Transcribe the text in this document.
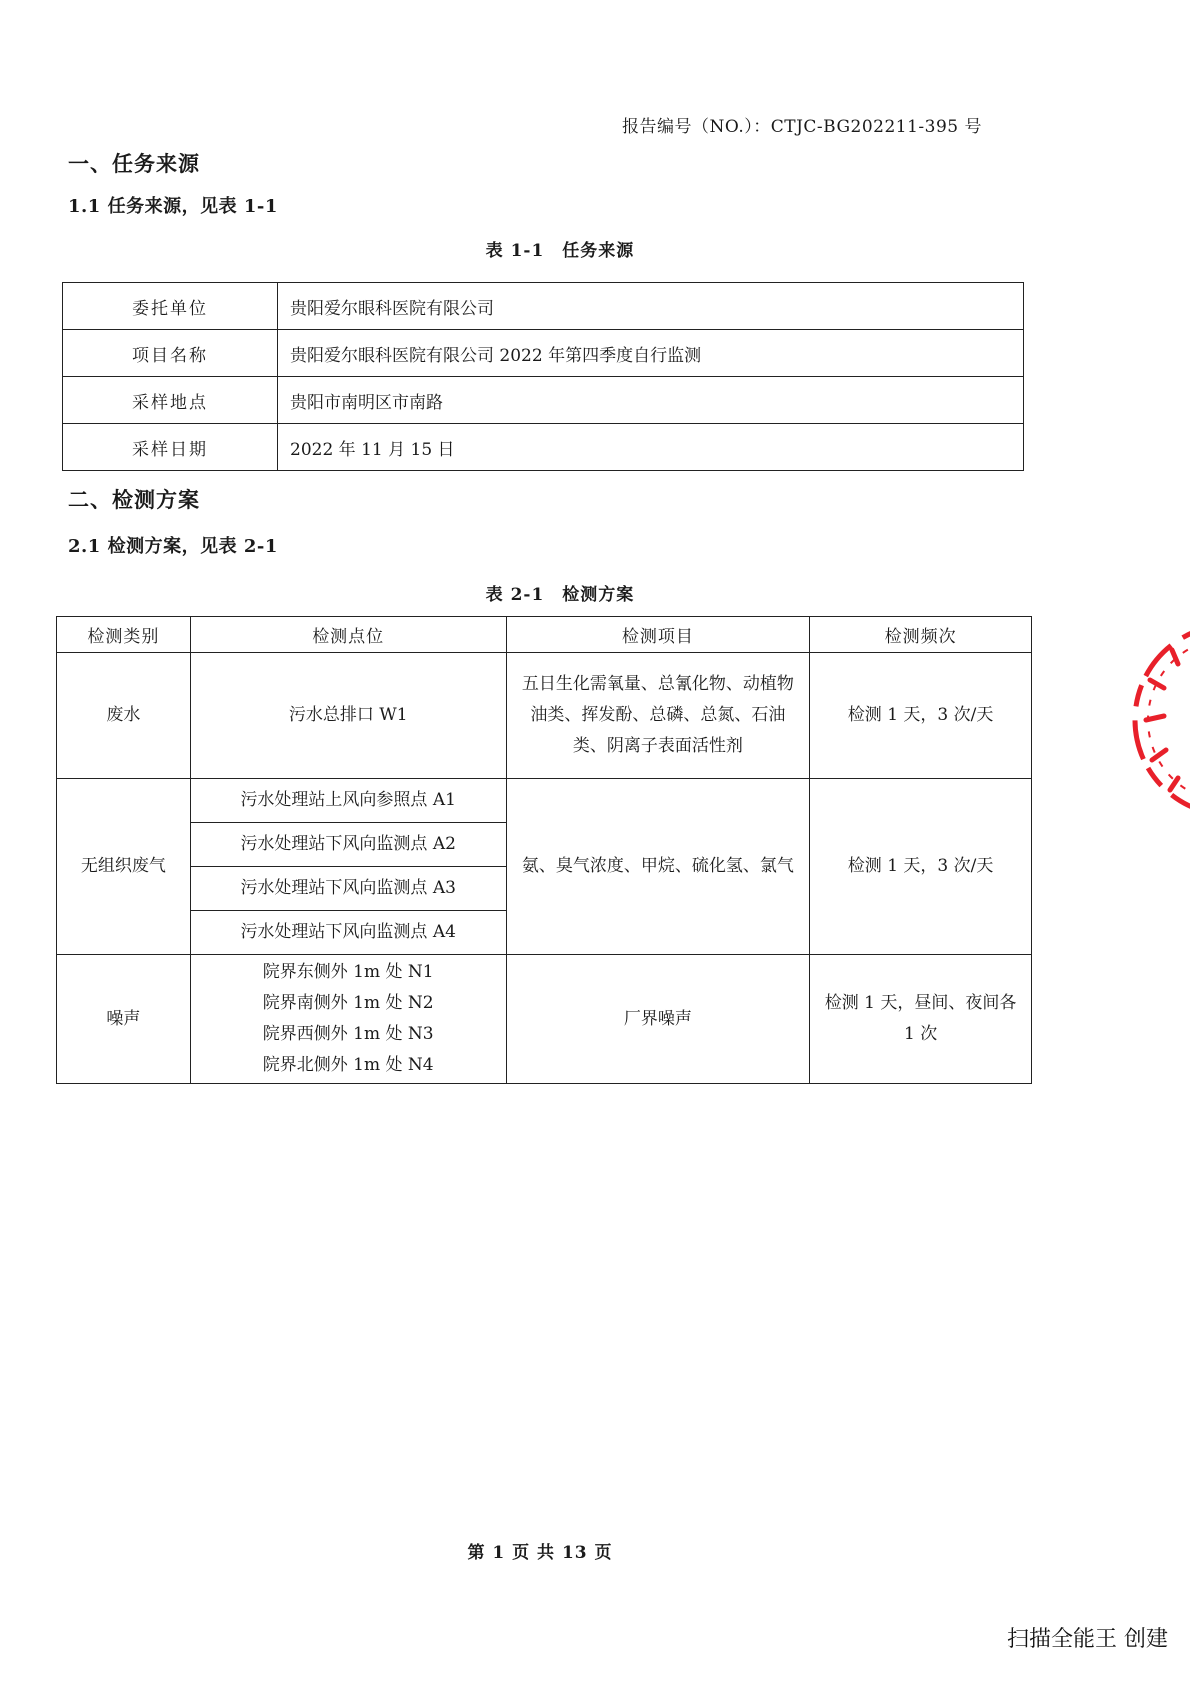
报告编号（NO.）：CTJC-BG202211-395 号
一、任务来源
1.1 任务来源，见表 1-1
表 1-1　任务来源
委托单位	贵阳爱尔眼科医院有限公司
项目名称	贵阳爱尔眼科医院有限公司 2022 年第四季度自行监测
采样地点	贵阳市南明区市南路
采样日期	2022 年 11 月 15 日
二、检测方案
2.1 检测方案，见表 2-1
表 2-1　检测方案
检测类别	检测点位	检测项目	检测频次
废水	污水总排口 W1	五日生化需氧量、总氰化物、动植物油类、挥发酚、总磷、总氮、石油类、阴离子表面活性剂	检测 1 天，3 次/天
无组织废气	污水处理站上风向参照点 A1	氨、臭气浓度、甲烷、硫化氢、氯气	检测 1 天，3 次/天
	污水处理站下风向监测点 A2		
	污水处理站下风向监测点 A3		
	污水处理站下风向监测点 A4		
噪声	院界东侧外 1m 处 N1
院界南侧外 1m 处 N2
院界西侧外 1m 处 N3
院界北侧外 1m 处 N4	厂界噪声	检测 1 天，昼间、夜间各 1 次
第 1 页 共 13 页
扫描全能王 创建
